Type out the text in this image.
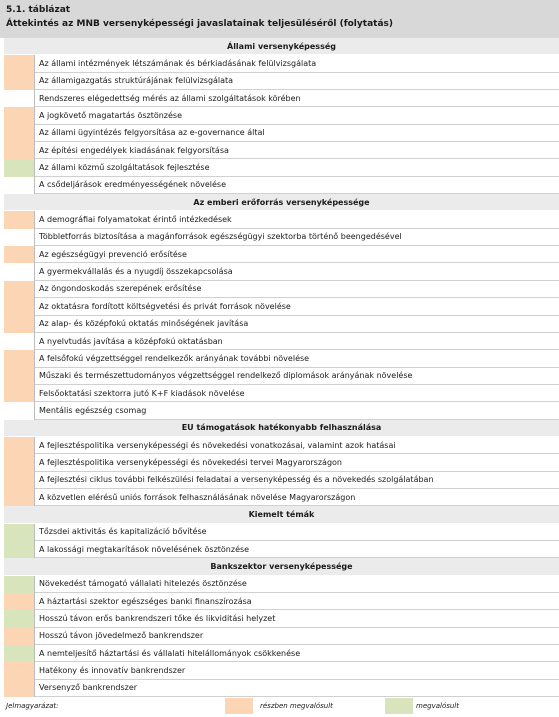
5.1. táblázat
Áttekintés az MNB versenyképességi javaslatainak teljesüléséről (folytatás)
Állami versenyképesség
Az állami intézmények létszámának és bérkiadásának felülvizsgálata
Az államigazgatás struktúrájának felülvizsgálata
Rendszeres elégedettség mérés az állami szolgáltatások körében
A jogkövető magatartás ösztönzése
Az állami ügyintézés felgyorsítása az e-governance által
Az építési engedélyek kiadásának felgyorsítása
Az állami közmű szolgáltatások fejlesztése
A csődeljárások eredményességének növelése
Az emberi erőforrás versenyképessége
A demográfiai folyamatokat érintő intézkedések
Többletforrás biztosítása a magánforrások egészségügyi szektorba történő beengedésével
Az egészségügyi prevenció erősítése
A gyermekvállalás és a nyugdíj összekapcsolása
Az öngondoskodás szerepének erősítése
Az oktatásra fordított költségvetési és privát források növelése
Az alap- és középfokú oktatás minőségének javítása
A nyelvtudás javítása a középfokú oktatásban
A felsőfokú végzettséggel rendelkezők arányának további növelése
Műszaki és természettudományos végzettséggel rendelkező diplomások arányának növelése
Felsőoktatási szektorra jutó K+F kiadások növelése
Mentális egészség csomag
EU támogatások hatékonyabb felhasználása
A fejlesztéspolitika versenyképességi és növekedési vonatkozásai, valamint azok hatásai
A fejlesztéspolitika versenyképességi és növekedési tervei Magyarországon
A fejlesztési ciklus további felkészülési feladatai a versenyképesség és a növekedés szolgálatában
A közvetlen elérésű uniós források felhasználásának növelése Magyarországon
Kiemelt témák
Tőzsdei aktivitás és kapitalizáció bővítése
A lakossági megtakarítások növelésének ösztönzése
Bankszektor versenyképessége
Növekedést támogató vállalati hitelezés ösztönzése
A háztartási szektor egészséges banki finanszírozása
Hosszú távon erős bankrendszeri tőke és likviditási helyzet
Hosszú távon jövedelmező bankrendszer
A nemteljesítő háztartási és vállalati hitelállományok csökkenése
Hatékony és innovatív bankrendszer
Versenyző bankrendszer
Jelmagyarázat:	részben megvalósult	megvalósult
